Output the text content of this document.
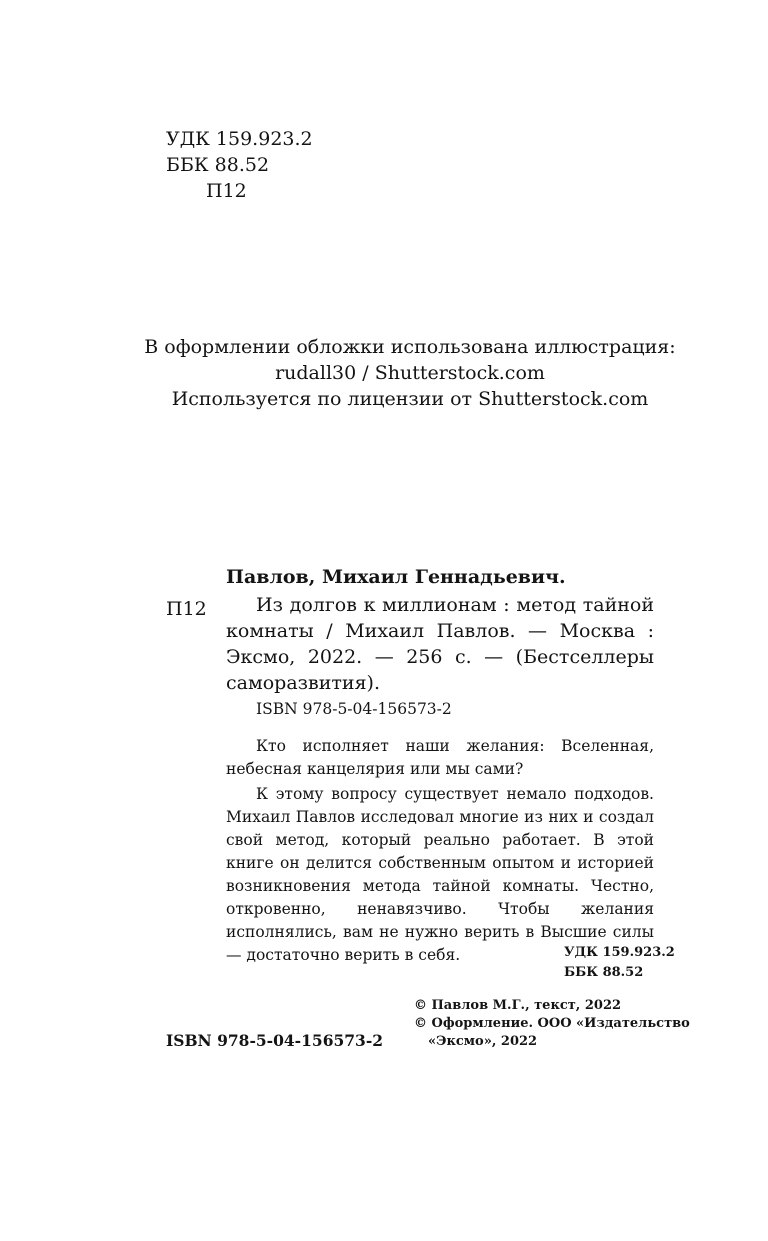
УДК 159.923.2
ББК 88.52
П12
В оформлении обложки использована иллюстрация:
rudall30 / Shutterstock.com
Используется по лицензии от Shutterstock.com
Павлов, Михаил Геннадьевич.
П12	Из долгов к миллионам : метод тайной комнаты / Михаил Павлов. — Москва : Эксмо, 2022. — 256 с. — (Бестселлеры саморазвития).
ISBN 978-5-04-156573-2

Кто исполняет наши желания: Вселенная, небесная канцелярия или мы сами?

К этому вопросу существует немало подходов. Михаил Павлов исследовал многие из них и создал свой метод, который реально работает. В этой книге он делится собственным опытом и историей возникновения метода тайной комнаты. Честно, откровенно, ненавязчиво. Чтобы желания исполнялись, вам не нужно верить в Высшие силы — достаточно верить в себя.	УДК 159.923.2
ББК 88.52
© Павлов М.Г., текст, 2022
© Оформление. ООО «Издательство
«Эксмо», 2022
ISBN 978-5-04-156573-2
